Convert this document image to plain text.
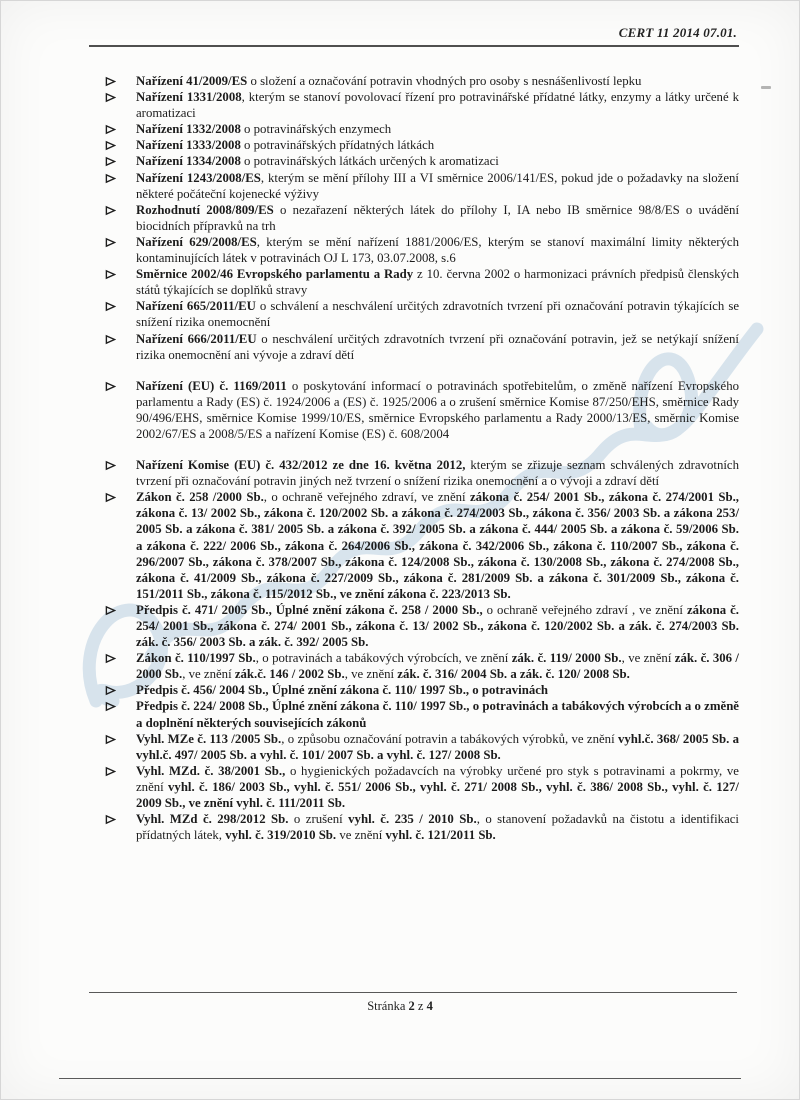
CERT 11 2014 07.01.
Nařízení 41/2009/ES o složení a označování potravin vhodných pro osoby s nesnášenlivostí lepku
Nařízení 1331/2008, kterým se stanoví povolovací řízení pro potravinářské přídatné látky, enzymy a látky určené k aromatizaci
Nařízení 1332/2008 o potravinářských enzymech
Nařízení 1333/2008 o potravinářských přídatných látkách
Nařízení 1334/2008 o potravinářských látkách určených k aromatizaci
Nařízení 1243/2008/ES, kterým se mění přílohy III a VI směrnice 2006/141/ES, pokud jde o požadavky na složení některé počáteční kojenecké výživy
Rozhodnutí 2008/809/ES o nezařazení některých látek do přílohy I, IA nebo IB směrnice 98/8/ES o uvádění biocidních přípravků na trh
Nařízení 629/2008/ES, kterým se mění nařízení 1881/2006/ES, kterým se stanoví maximální limity některých kontaminujících látek v potravinách OJ L 173, 03.07.2008, s.6
Směrnice 2002/46 Evropského parlamentu a Rady z 10. června 2002 o harmonizaci právních předpisů členských států týkajících se doplňků stravy
Nařízení 665/2011/EU o schválení a neschválení určitých zdravotních tvrzení při označování potravin týkajících se snížení rizika onemocnění
Nařízení 666/2011/EU o neschválení určitých zdravotních tvrzení při označování potravin, jež se netýkají snížení rizika onemocnění ani vývoje a zdraví dětí
Nařízení (EU) č. 1169/2011 o poskytování informací o potravinách spotřebitelům, o změně nařízení Evropského parlamentu a Rady (ES) č. 1924/2006 a (ES) č. 1925/2006 a o zrušení směrnice Komise 87/250/EHS, směrnice Rady 90/496/EHS, směrnice Komise 1999/10/ES, směrnice Evropského parlamentu a Rady 2000/13/ES, směrnic Komise 2002/67/ES a 2008/5/ES a nařízení Komise (ES) č. 608/2004
Nařízení Komise (EU) č. 432/2012 ze dne 16. května 2012, kterým se zřizuje seznam schválených zdravotních tvrzení při označování potravin jiných než tvrzení o snížení rizika onemocnění a o vývoji a zdraví dětí
Zákon č. 258 /2000 Sb., o ochraně veřejného zdraví, ve znění zákona č. 254/ 2001 Sb., zákona č. 274/2001 Sb., zákona č. 13/ 2002 Sb., zákona č. 120/2002 Sb. a zákona č. 274/2003 Sb., zákona č. 356/ 2003 Sb. a zákona 253/ 2005 Sb. a zákona č. 381/ 2005 Sb. a zákona č. 392/ 2005 Sb. a zákona č. 444/ 2005 Sb. a zákona č. 59/2006 Sb. a zákona č. 222/ 2006 Sb., zákona č. 264/2006 Sb., zákona č. 342/2006 Sb., zákona č. 110/2007 Sb., zákona č. 296/2007 Sb., zákona č. 378/2007 Sb., zákona č. 124/2008 Sb., zákona č. 130/2008 Sb., zákona č. 274/2008 Sb., zákona č. 41/2009 Sb., zákona č. 227/2009 Sb., zákona č. 281/2009 Sb. a zákona č. 301/2009 Sb., zákona č. 151/2011 Sb., zákona č. 115/2012 Sb., ve znění zákona č. 223/2013 Sb.
Předpis č. 471/ 2005 Sb., Úplné znění zákona č. 258 / 2000 Sb., o ochraně veřejného zdraví , ve znění zákona č. 254/ 2001 Sb., zákona č. 274/ 2001 Sb., zákona č. 13/ 2002 Sb., zákona č. 120/2002 Sb. a zák. č. 274/2003 Sb. zák. č. 356/ 2003 Sb. a zák. č. 392/ 2005 Sb.
Zákon č. 110/1997 Sb., o potravinách a tabákových výrobcích, ve znění zák. č. 119/ 2000 Sb., ve znění zák. č. 306 / 2000 Sb., ve znění zák.č. 146 / 2002 Sb., ve znění zák. č. 316/ 2004 Sb. a zák. č. 120/ 2008 Sb.
Předpis č. 456/ 2004 Sb., Úplné znění zákona č. 110/ 1997 Sb., o potravinách
Předpis č. 224/ 2008 Sb., Úplné znění zákona č. 110/ 1997 Sb., o potravinách a tabákových výrobcích a o změně a doplnění některých souvisejících zákonů
Vyhl. MZe č. 113 /2005 Sb., o způsobu označování potravin a tabákových výrobků, ve znění vyhl.č. 368/ 2005 Sb. a vyhl.č. 497/ 2005 Sb. a vyhl. č. 101/ 2007 Sb. a vyhl. č. 127/ 2008 Sb.
Vyhl. MZd. č. 38/2001 Sb., o hygienických požadavcích na výrobky určené pro styk s potravinami a pokrmy, ve znění vyhl. č. 186/ 2003 Sb., vyhl. č. 551/ 2006 Sb., vyhl. č. 271/ 2008 Sb., vyhl. č. 386/ 2008 Sb., vyhl. č. 127/ 2009 Sb., ve znění vyhl. č. 111/2011 Sb.
Vyhl. MZd č. 298/2012 Sb. o zrušení vyhl. č. 235 / 2010 Sb., o stanovení požadavků na čistotu a identifikaci přídatných látek, vyhl. č. 319/2010 Sb. ve znění vyhl. č. 121/2011 Sb.
Stránka 2 z 4
